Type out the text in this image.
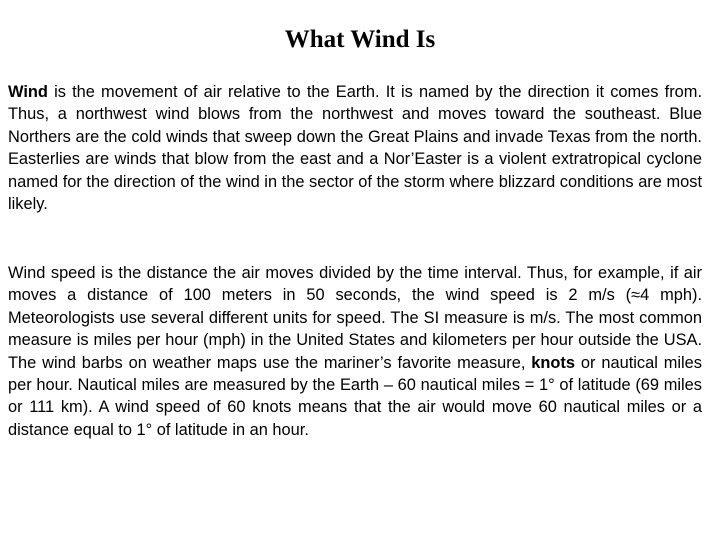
What Wind Is

Wind is the movement of air relative to the Earth. It is named by the direction it comes from. Thus, a northwest wind blows from the northwest and moves toward the southeast. Blue Northers are the cold winds that sweep down the Great Plains and invade Texas from the north. Easterlies are winds that blow from the east and a Nor’Easter is a violent extratropical cyclone named for the direction of the wind in the sector of the storm where blizzard conditions are most likely.

Wind speed is the distance the air moves divided by the time interval. Thus, for example, if air moves a distance of 100 meters in 50 seconds, the wind speed is 2 m/s (≈4 mph). Meteorologists use several different units for speed. The SI measure is m/s. The most common measure is miles per hour (mph) in the United States and kilometers per hour outside the USA. The wind barbs on weather maps use the mariner’s favorite measure, knots or nautical miles per hour. Nautical miles are measured by the Earth – 60 nautical miles = 1° of latitude (69 miles or 111 km). A wind speed of 60 knots means that the air would move 60 nautical miles or a distance equal to 1° of latitude in an hour.
